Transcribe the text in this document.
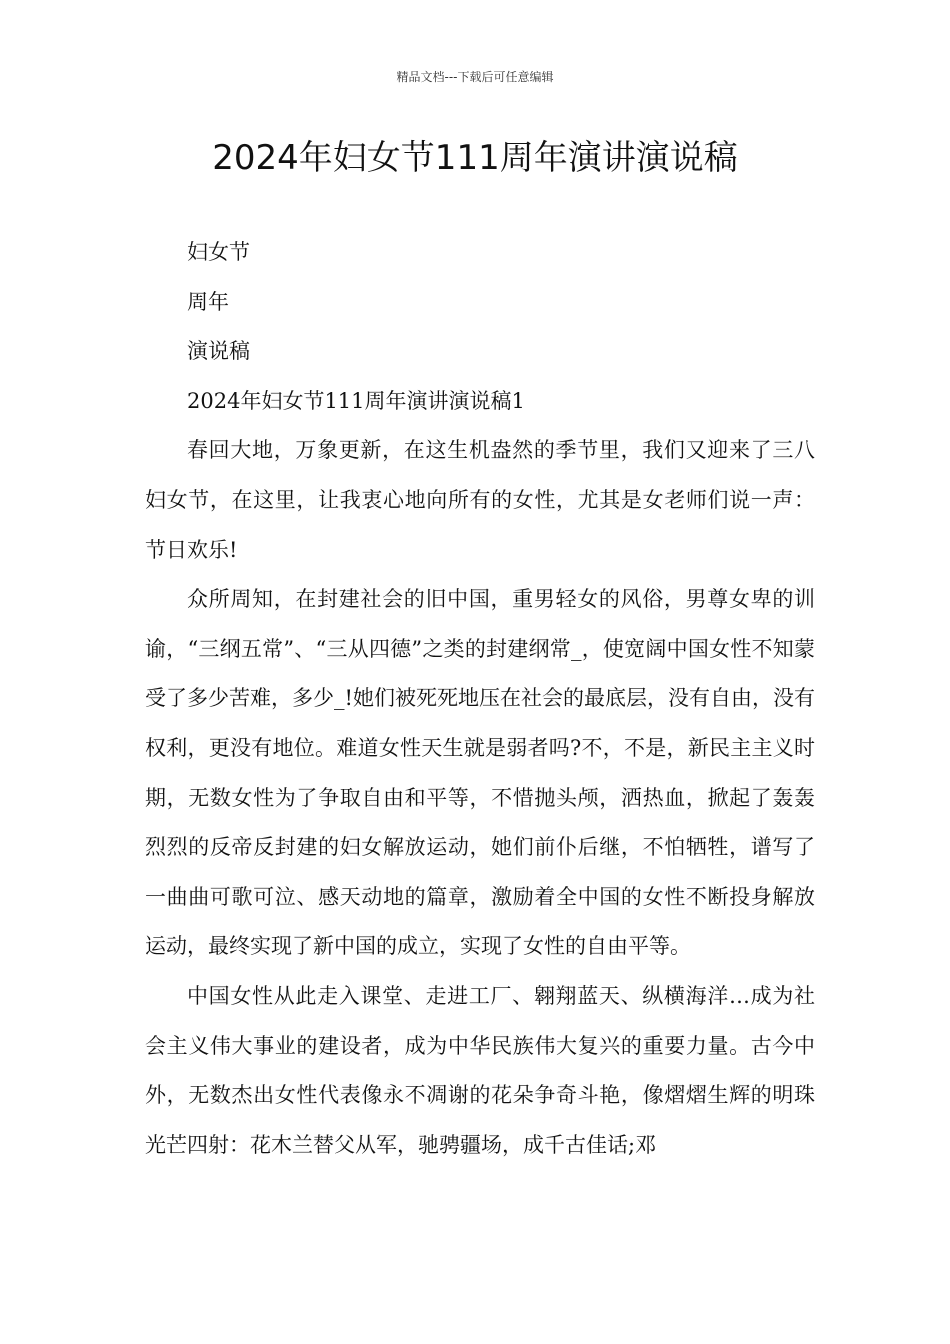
精品文档---下载后可任意编辑
2024年妇女节111周年演讲演说稿

妇女节

周年

演说稿

2024年妇女节111周年演讲演说稿1

春回大地，万象更新，在这生机盎然的季节里，我们又迎来了三八妇女节，在这里，让我衷心地向所有的女性，尤其是女老师们说一声：节日欢乐!

众所周知，在封建社会的旧中国，重男轻女的风俗，男尊女卑的训谕，“三纲五常”、“三从四德”之类的封建纲常_，使宽阔中国女性不知蒙受了多少苦难，多少_!她们被死死地压在社会的最底层，没有自由，没有权利，更没有地位。难道女性天生就是弱者吗?不，不是，新民主主义时期，无数女性为了争取自由和平等，不惜抛头颅，洒热血，掀起了轰轰烈烈的反帝反封建的妇女解放运动，她们前仆后继，不怕牺牲，谱写了一曲曲可歌可泣、感天动地的篇章，激励着全中国的女性不断投身解放运动，最终实现了新中国的成立，实现了女性的自由平等。

中国女性从此走入课堂、走进工厂、翱翔蓝天、纵横海洋…成为社会主义伟大事业的建设者，成为中华民族伟大复兴的重要力量。古今中外，无数杰出女性代表像永不凋谢的花朵争奇斗艳，像熠熠生辉的明珠光芒四射：花木兰替父从军，驰骋疆场，成千古佳话;邓
